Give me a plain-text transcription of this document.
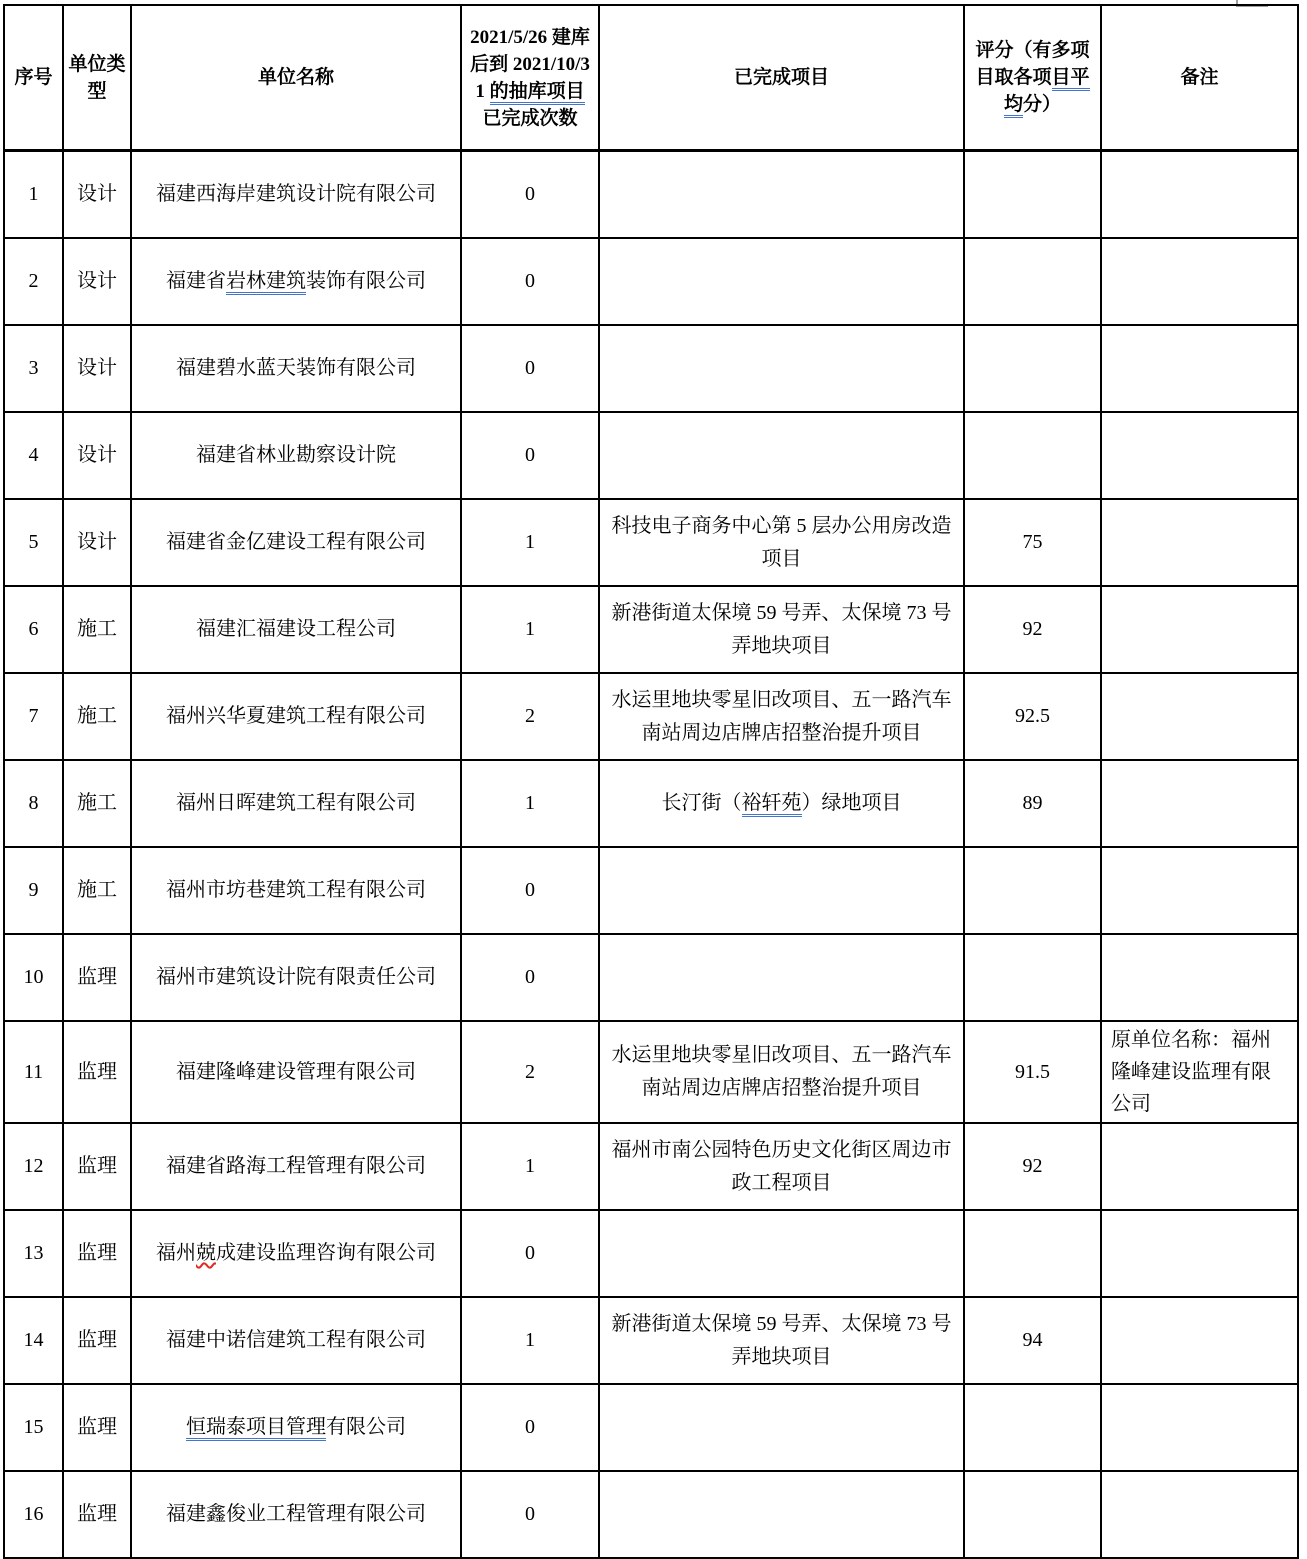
序号	单位类型	单位名称	2021/5/26 建库后到 2021/10/31 的抽库项目已完成次数	已完成项目	评分（有多项目取各项目平均分）	备注
1	设计	福建西海岸建筑设计院有限公司	0			
2	设计	福建省岩林建筑装饰有限公司	0			
3	设计	福建碧水蓝天装饰有限公司	0			
4	设计	福建省林业勘察设计院	0			
5	设计	福建省金亿建设工程有限公司	1	科技电子商务中心第 5 层办公用房改造项目	75	
6	施工	福建汇福建设工程公司	1	新港街道太保境 59 号弄、太保境 73 号弄地块项目	92	
7	施工	福州兴华夏建筑工程有限公司	2	水运里地块零星旧改项目、五一路汽车南站周边店牌店招整治提升项目	92.5	
8	施工	福州日晖建筑工程有限公司	1	长汀街（裕轩苑）绿地项目	89	
9	施工	福州市坊巷建筑工程有限公司	0			
10	监理	福州市建筑设计院有限责任公司	0			
11	监理	福建隆峰建设管理有限公司	2	水运里地块零星旧改项目、五一路汽车南站周边店牌店招整治提升项目	91.5	原单位名称：福州隆峰建设监理有限公司
12	监理	福建省路海工程管理有限公司	1	福州市南公园特色历史文化街区周边市政工程项目	92	
13	监理	福州兢成建设监理咨询有限公司	0			
14	监理	福建中诺信建筑工程有限公司	1	新港街道太保境 59 号弄、太保境 73 号弄地块项目	94	
15	监理	恒瑞泰项目管理有限公司	0			
16	监理	福建鑫俊业工程管理有限公司	0			
